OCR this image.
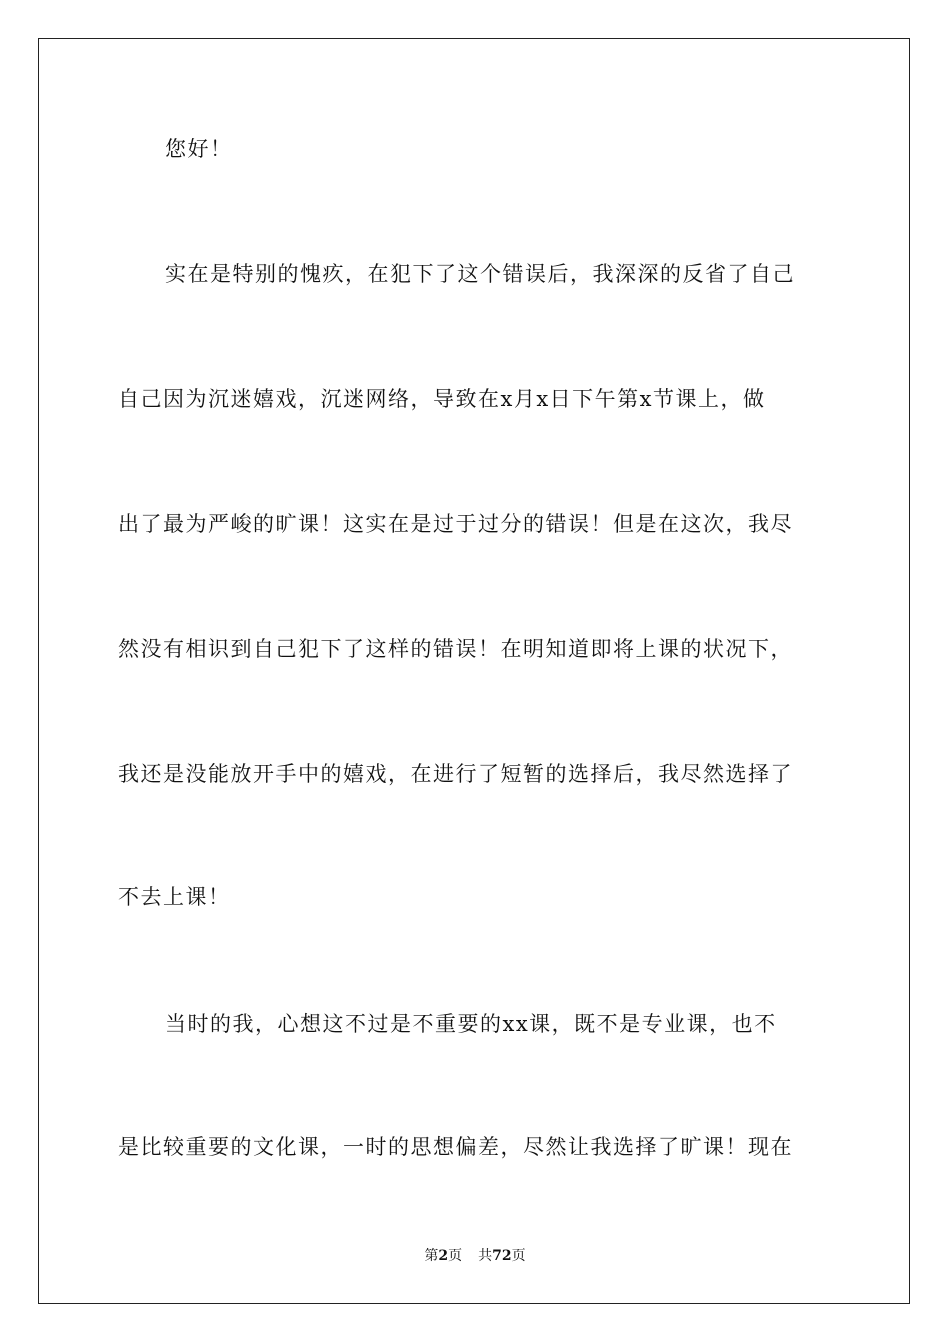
您好！
实在是特别的愧疚，在犯下了这个错误后，我深深的反省了自己
自己因为沉迷嬉戏，沉迷网络，导致在x月x日下午第x节课上，做
出了最为严峻的旷课！这实在是过于过分的错误！但是在这次，我尽
然没有相识到自己犯下了这样的错误！在明知道即将上课的状况下，
我还是没能放开手中的嬉戏，在进行了短暂的选择后，我尽然选择了
不去上课！
当时的我，心想这不过是不重要的xx课，既不是专业课，也不
是比较重要的文化课，一时的思想偏差，尽然让我选择了旷课！现在
第2页 共72页
